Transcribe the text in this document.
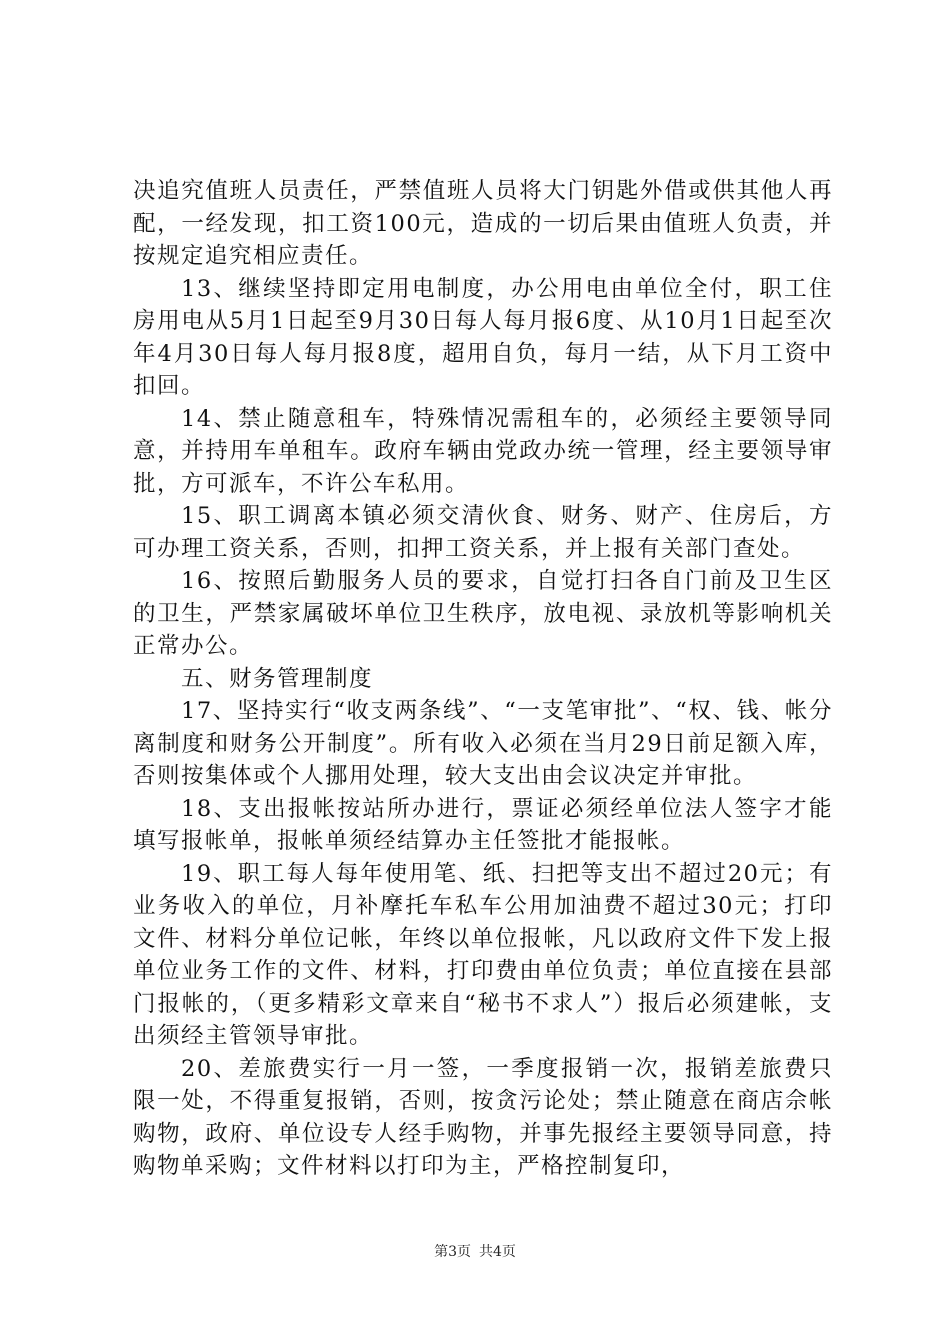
决追究值班人员责任，严禁值班人员将大门钥匙外借或供其他人再配，一经发现，扣工资100元，造成的一切后果由值班人负责，并按规定追究相应责任。

13、继续坚持即定用电制度，办公用电由单位全付，职工住房用电从5月1日起至9月30日每人每月报6度、从10月1日起至次年4月30日每人每月报8度，超用自负，每月一结，从下月工资中扣回。

14、禁止随意租车，特殊情况需租车的，必须经主要领导同意，并持用车单租车。政府车辆由党政办统一管理，经主要领导审批，方可派车，不许公车私用。

15、职工调离本镇必须交清伙食、财务、财产、住房后，方可办理工资关系，否则，扣押工资关系，并上报有关部门查处。

16、按照后勤服务人员的要求，自觉打扫各自门前及卫生区的卫生，严禁家属破坏单位卫生秩序，放电视、录放机等影响机关正常办公。

五、财务管理制度

17、坚持实行“收支两条线”、“一支笔审批”、“权、钱、帐分离制度和财务公开制度”。所有收入必须在当月29日前足额入库，否则按集体或个人挪用处理，较大支出由会议决定并审批。

18、支出报帐按站所办进行，票证必须经单位法人签字才能填写报帐单，报帐单须经结算办主任签批才能报帐。

19、职工每人每年使用笔、纸、扫把等支出不超过20元；有业务收入的单位，月补摩托车私车公用加油费不超过30元；打印文件、材料分单位记帐，年终以单位报帐，凡以政府文件下发上报单位业务工作的文件、材料，打印费由单位负责；单位直接在县部门报帐的，（更多精彩文章来自“秘书不求人”）报后必须建帐，支出须经主管领导审批。

20、差旅费实行一月一签，一季度报销一次，报销差旅费只限一处，不得重复报销，否则，按贪污论处；禁止随意在商店佘帐购物，政府、单位设专人经手购物，并事先报经主要领导同意，持购物单采购；文件材料以打印为主，严格控制复印，

第3页 共4页
